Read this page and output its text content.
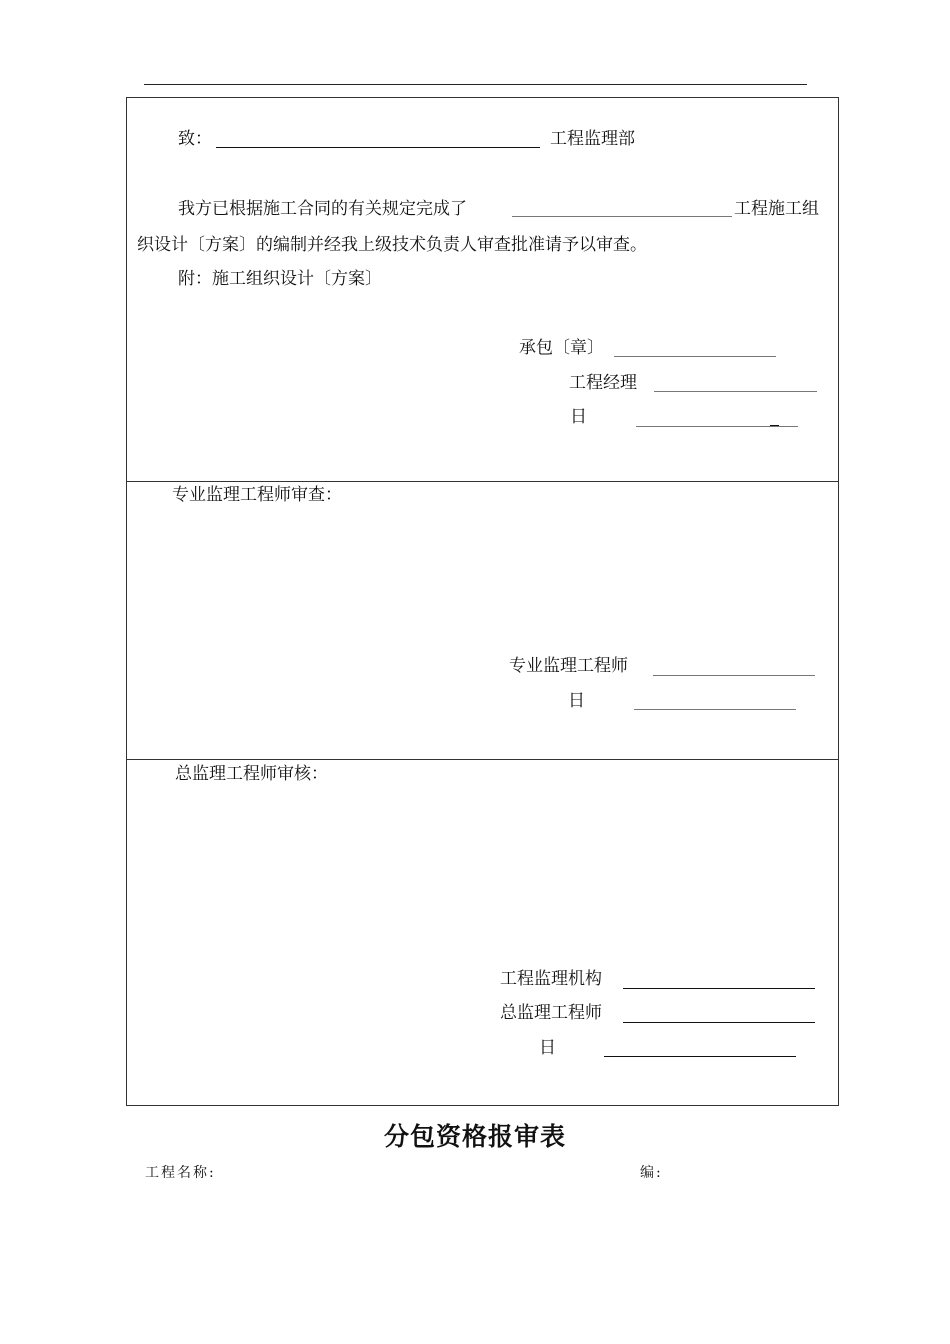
致：	工程监理部
我方已根据施工合同的有关规定完成了	工程施工组
织设计〔方案〕的编制并经我上级技术负责人审查批准请予以审查。
附：施工组织设计〔方案〕
承包〔章〕
工程经理
日
专业监理工程师审查：
专业监理工程师
日
总监理工程师审核：
工程监理机构
总监理工程师
日
分包资格报审表
工程名称:	编:
